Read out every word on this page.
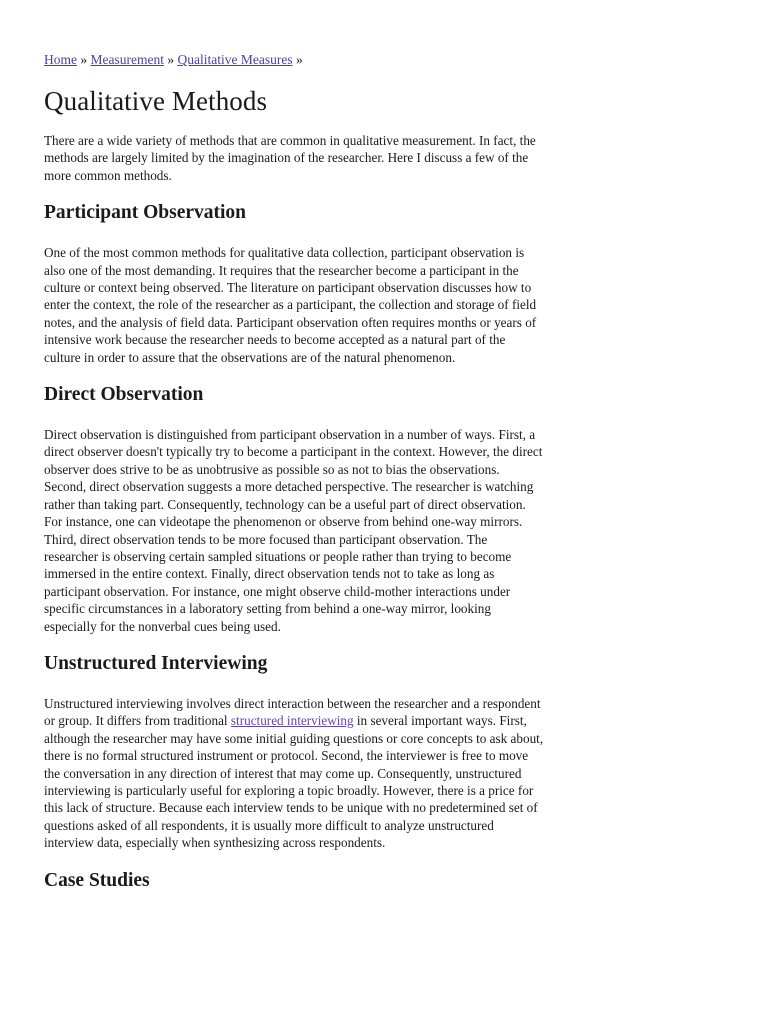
Home » Measurement » Qualitative Measures »
Qualitative Methods

There are a wide variety of methods that are common in qualitative measurement. In fact, the methods are largely limited by the imagination of the researcher. Here I discuss a few of the more common methods.

Participant Observation

One of the most common methods for qualitative data collection, participant observation is also one of the most demanding. It requires that the researcher become a participant in the culture or context being observed. The literature on participant observation discusses how to enter the context, the role of the researcher as a participant, the collection and storage of field notes, and the analysis of field data. Participant observation often requires months or years of intensive work because the researcher needs to become accepted as a natural part of the culture in order to assure that the observations are of the natural phenomenon.

Direct Observation

Direct observation is distinguished from participant observation in a number of ways. First, a direct observer doesn't typically try to become a participant in the context. However, the direct observer does strive to be as unobtrusive as possible so as not to bias the observations. Second, direct observation suggests a more detached perspective. The researcher is watching rather than taking part. Consequently, technology can be a useful part of direct observation. For instance, one can videotape the phenomenon or observe from behind one-way mirrors. Third, direct observation tends to be more focused than participant observation. The researcher is observing certain sampled situations or people rather than trying to become immersed in the entire context. Finally, direct observation tends not to take as long as participant observation. For instance, one might observe child-mother interactions under specific circumstances in a laboratory setting from behind a one-way mirror, looking especially for the nonverbal cues being used.

Unstructured Interviewing

Unstructured interviewing involves direct interaction between the researcher and a respondent or group. It differs from traditional structured interviewing in several important ways. First, although the researcher may have some initial guiding questions or core concepts to ask about, there is no formal structured instrument or protocol. Second, the interviewer is free to move the conversation in any direction of interest that may come up. Consequently, unstructured interviewing is particularly useful for exploring a topic broadly. However, there is a price for this lack of structure. Because each interview tends to be unique with no predetermined set of questions asked of all respondents, it is usually more difficult to analyze unstructured interview data, especially when synthesizing across respondents.

Case Studies
